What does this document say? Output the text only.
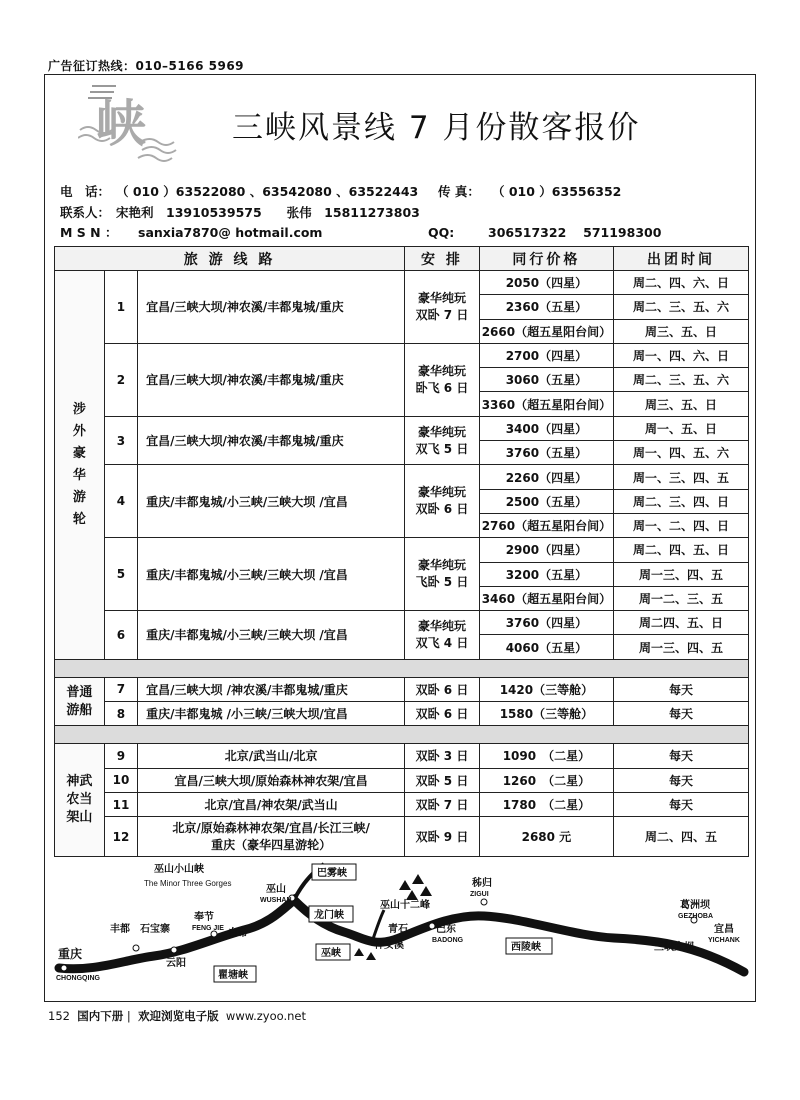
广告征订热线：010–5166 5969
峡	三峡风景线 7 月份散客报价
电　话： （ 010 ）63522080 、63542080 、63522443 传 真： （ 010 ）63556352
联系人： 宋艳利　13910539575　　张伟　15811273803
M S N ： sanxia7870@ hotmail.com	QQ:	306517322　 571198300
旅 游 线 路			安 排	同行价格	出团时间

涉外豪华游轮	1	宜昌/三峡大坝/神农溪/丰都鬼城/重庆	豪华纯玩
双卧 7 日	2050（四星）	周二、四、六、日
				2360（五星）	周二、三、五、六
				2660（超五星阳台间）	周三、五、日
	2	宜昌/三峡大坝/神农溪/丰都鬼城/重庆	豪华纯玩
卧飞 6 日	2700（四星）	周一、四、六、日
				3060（五星）	周二、三、五、六
				3360（超五星阳台间）	周三、五、日
	3	宜昌/三峡大坝/神农溪/丰都鬼城/重庆	豪华纯玩
双飞 5 日	3400（四星）	周一、五、日
				3760（五星）	周一、四、五、六
	4	重庆/丰都鬼城/小三峡/三峡大坝 /宜昌	豪华纯玩
双卧 6 日	2260（四星）	周一、三、四、五
				2500（五星）	周二、三、四、日
				2760（超五星阳台间）	周一、二、四、日
	5	重庆/丰都鬼城/小三峡/三峡大坝 /宜昌	豪华纯玩
飞卧 5 日	2900（四星）	周二、四、五、日
				3200（五星）	周一三、四、五
				3460（超五星阳台间）	周一二、三、五
	6	重庆/丰都鬼城/小三峡/三峡大坝 /宜昌	豪华纯玩
双飞 4 日	3760（四星）	周二四、五、日
				4060（五星）	周一三、四、五

普通游船	7	宜昌/三峡大坝 /神农溪/丰都鬼城/重庆	双卧 6 日	1420（三等舱）	每天
	8	重庆/丰都鬼城 /小三峡/三峡大坝/宜昌	双卧 6 日	1580（三等舱）	每天

神武农当架山	9	北京/武当山/北京	双卧 3 日	1090　（二星）	每天
	10	宜昌/三峡大坝/原始森林神农架/宜昌	双卧 5 日	1260　（二星）	每天
	11	北京/宜昌/神农架/武当山	双卧 7 日	1780　（二星）	每天
	12	北京/原始森林神农架/宜昌/长江三峡/
重庆（豪华四星游轮）	双卧 9 日	2680 元	周二、四、五
巫山小山峡
The Minor Three Gorges
巴雾峡
巫山
WUSHAN
龙门峡
巫山十二峰
秭归
ZIGUI
葛洲坝
GEZHOBA
宜昌
YICHANK
三峡大坝
西陵峡
巴东
BADONG
青石
神女溪
巫峡
奉节
FENG JIE 白帝
瞿塘峡
云阳
丰都 石宝寨
重庆
CHONGQING
152 国内下册 |  欢迎浏览电子版 www.zyoo.net
